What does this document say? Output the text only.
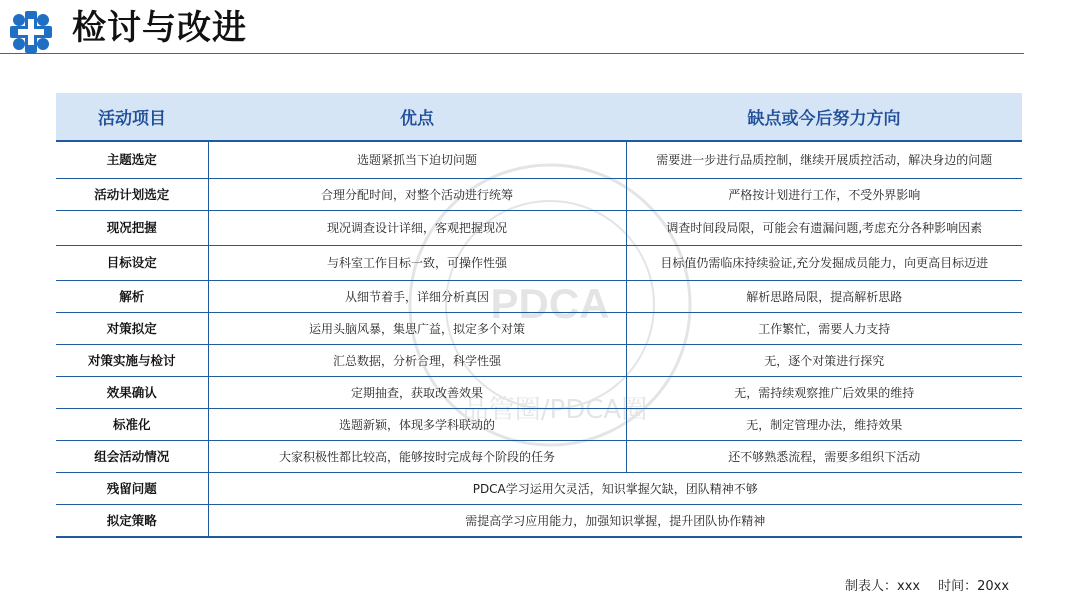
检讨与改进
PDCA
品管圈/PDCA圈
活动项目	优点	缺点或今后努力方向
主题选定	选题紧抓当下迫切问题	需要进一步进行品质控制，继续开展质控活动，解决身边的问题
活动计划选定	合理分配时间，对整个活动进行统筹	严格按计划进行工作，不受外界影响
现况把握	现况调查设计详细，客观把握现况	调查时间段局限，可能会有遗漏问题,考虑充分各种影响因素
目标设定	与科室工作目标一致，可操作性强	目标值仍需临床持续验证,充分发掘成员能力，向更高目标迈进
解析	从细节着手，详细分析真因	解析思路局限，提高解析思路
对策拟定	运用头脑风暴，集思广益，拟定多个对策	工作繁忙，需要人力支持
对策实施与检讨	汇总数据，分析合理，科学性强	无，逐个对策进行探究
效果确认	定期抽查，获取改善效果	无，需持续观察推广后效果的维持
标准化	选题新颖，体现多学科联动的	无，制定管理办法，维持效果
组会活动情况	大家积极性都比较高，能够按时完成每个阶段的任务	还不够熟悉流程，需要多组织下活动
残留问题	PDCA学习运用欠灵活，知识掌握欠缺，团队精神不够	
拟定策略	需提高学习应用能力，加强知识掌握，提升团队协作精神	
制表人：xxx 时间：20xx
